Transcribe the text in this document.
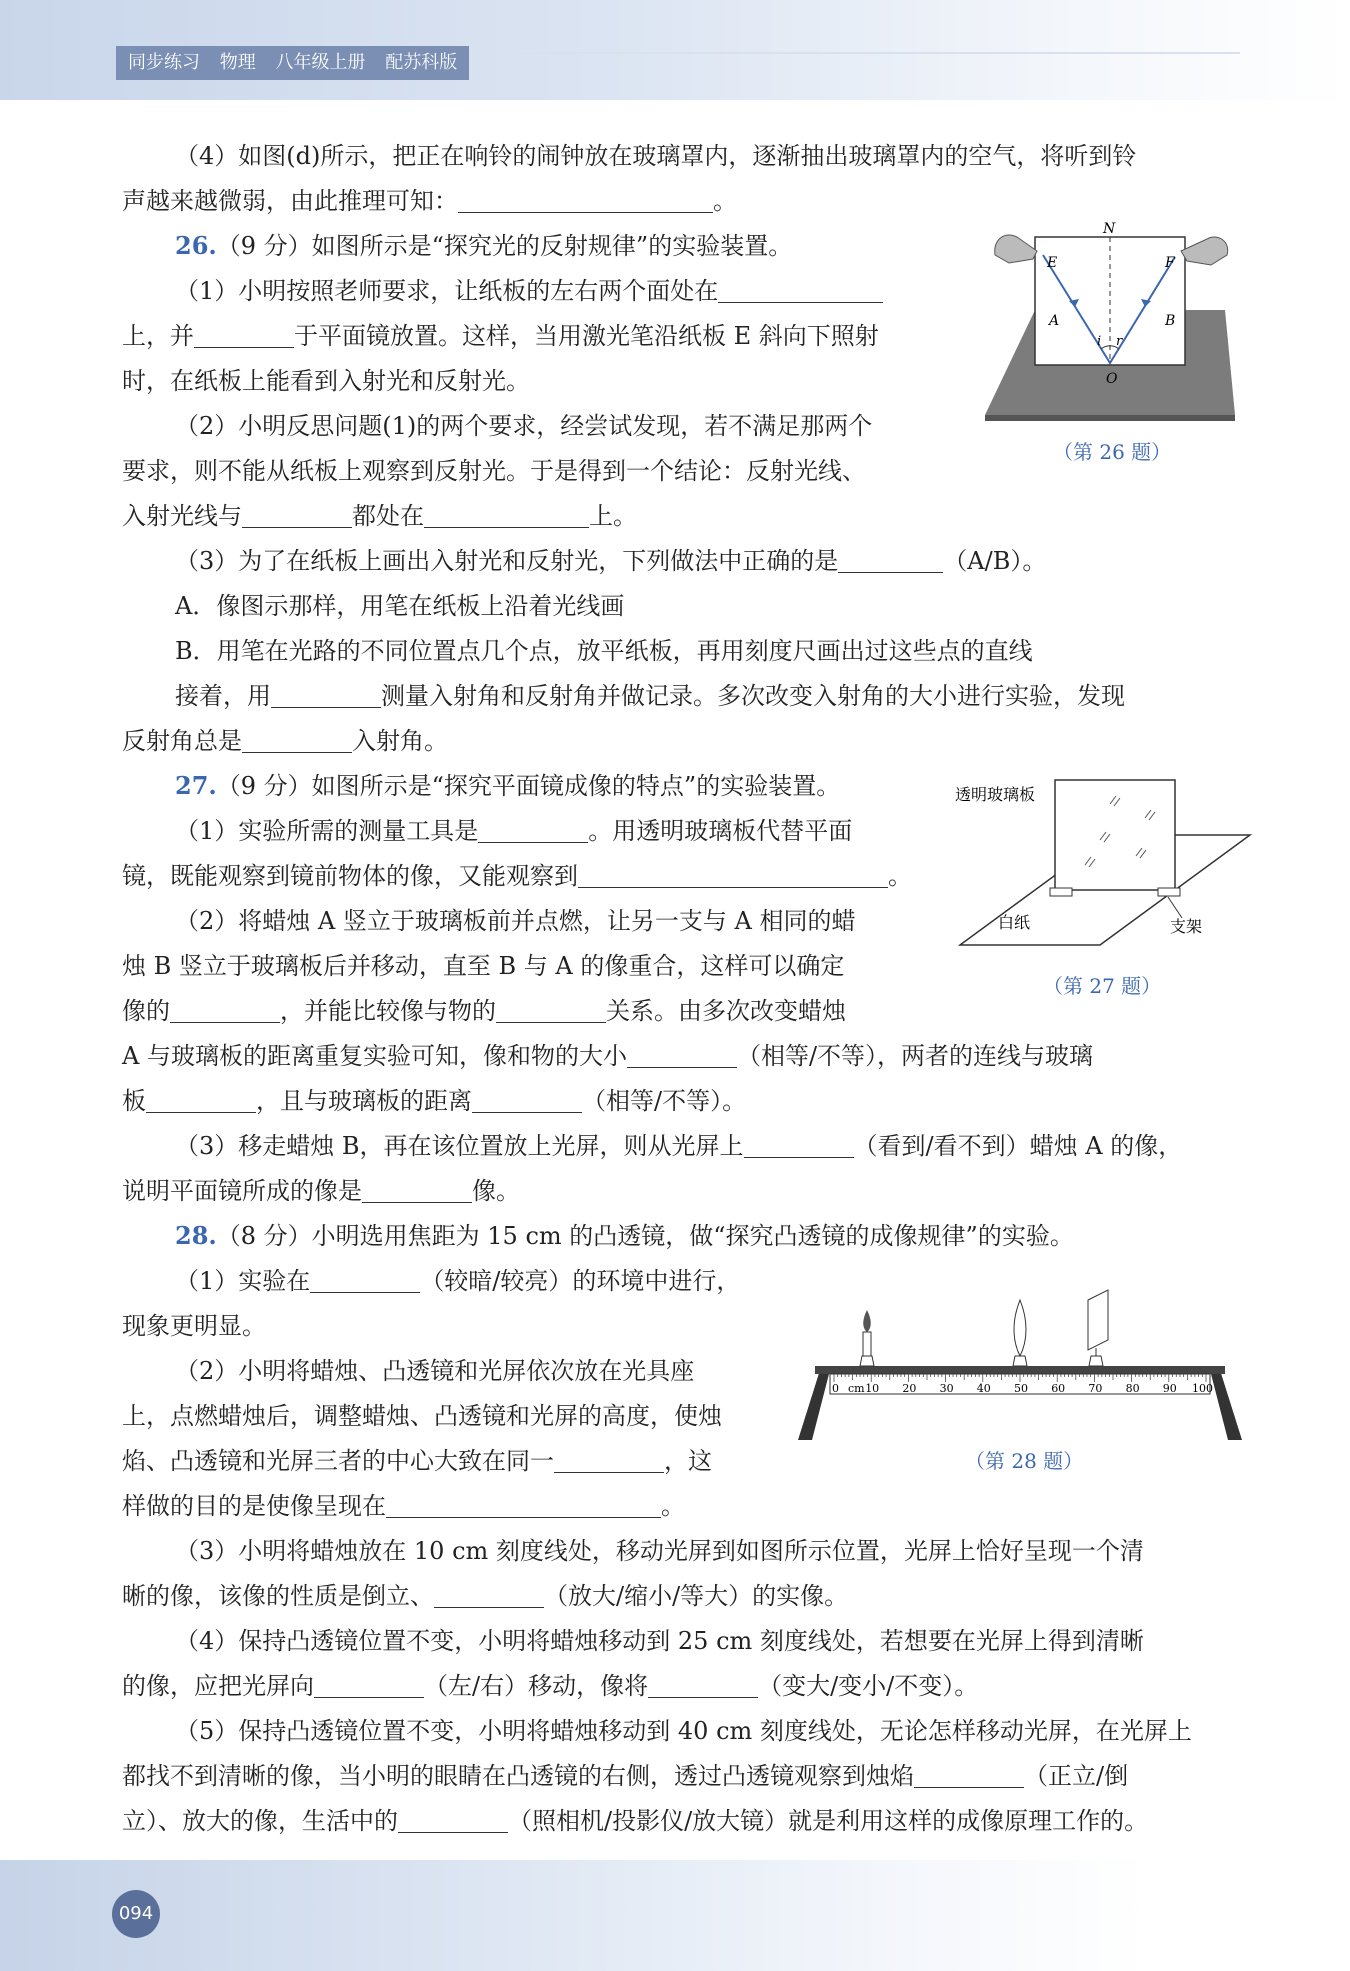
同步练习 物理 八年级上册 配苏科版
（4）如图(d)所示，把正在响铃的闹钟放在玻璃罩内，逐渐抽出玻璃罩内的空气，将听到铃
声越来越微弱，由此推理可知：	。
26.（9 分）如图所示是“探究光的反射规律”的实验装置。
（1）小明按照老师要求，让纸板的左右两个面处在
上，并	于平面镜放置。这样，当用激光笔沿纸板 E 斜向下照射
时，在纸板上能看到入射光和反射光。
（2）小明反思问题(1)的两个要求，经尝试发现，若不满足那两个
要求，则不能从纸板上观察到反射光。于是得到一个结论：反射光线、
入射光线与	都处在	上。
（3）为了在纸板上画出入射光和反射光，下列做法中正确的是	（A/B）。
A．像图示那样，用笔在纸板上沿着光线画
B．用笔在光路的不同位置点几个点，放平纸板，再用刻度尺画出过这些点的直线
接着，用	测量入射角和反射角并做记录。多次改变入射角的大小进行实验，发现
反射角总是	入射角。
N
E	F
A	B
i r
O
（第 26 题）
27.（9 分）如图所示是“探究平面镜成像的特点”的实验装置。
（1）实验所需的测量工具是	。用透明玻璃板代替平面
镜，既能观察到镜前物体的像，又能观察到	。
（2）将蜡烛 A 竖立于玻璃板前并点燃，让另一支与 A 相同的蜡
烛 B 竖立于玻璃板后并移动，直至 B 与 A 的像重合，这样可以确定
像的	，并能比较像与物的	关系。由多次改变蜡烛
A 与玻璃板的距离重复实验可知，像和物的大小	（相等/不等），两者的连线与玻璃
板	，且与玻璃板的距离	（相等/不等）。
（3）移走蜡烛 B，再在该位置放上光屏，则从光屏上	（看到/看不到）蜡烛 A 的像，
说明平面镜所成的像是	像。
透明玻璃板
白纸	支架
（第 27 题）
28.（8 分）小明选用焦距为 15 cm 的凸透镜，做“探究凸透镜的成像规律”的实验。
（1）实验在	（较暗/较亮）的环境中进行，
现象更明显。
（2）小明将蜡烛、凸透镜和光屏依次放在光具座
上，点燃蜡烛后，调整蜡烛、凸透镜和光屏的高度，使烛
焰、凸透镜和光屏三者的中心大致在同一	，这
样做的目的是使像呈现在	。
（3）小明将蜡烛放在 10 cm 刻度线处，移动光屏到如图所示位置，光屏上恰好呈现一个清
晰的像，该像的性质是倒立、	（放大/缩小/等大）的实像。
（4）保持凸透镜位置不变，小明将蜡烛移动到 25 cm 刻度线处，若想要在光屏上得到清晰
的像，应把光屏向	（左/右）移动，像将	（变大/变小/不变）。
（5）保持凸透镜位置不变，小明将蜡烛移动到 40 cm 刻度线处，无论怎样移动光屏，在光屏上
都找不到清晰的像，当小明的眼睛在凸透镜的右侧，透过凸透镜观察到烛焰	（正立/倒
立）、放大的像，生活中的	（照相机/投影仪/放大镜）就是利用这样的成像原理工作的。
0 10 20 30 40 50 60 70 80 90 100
cm
（第 28 题）
094
